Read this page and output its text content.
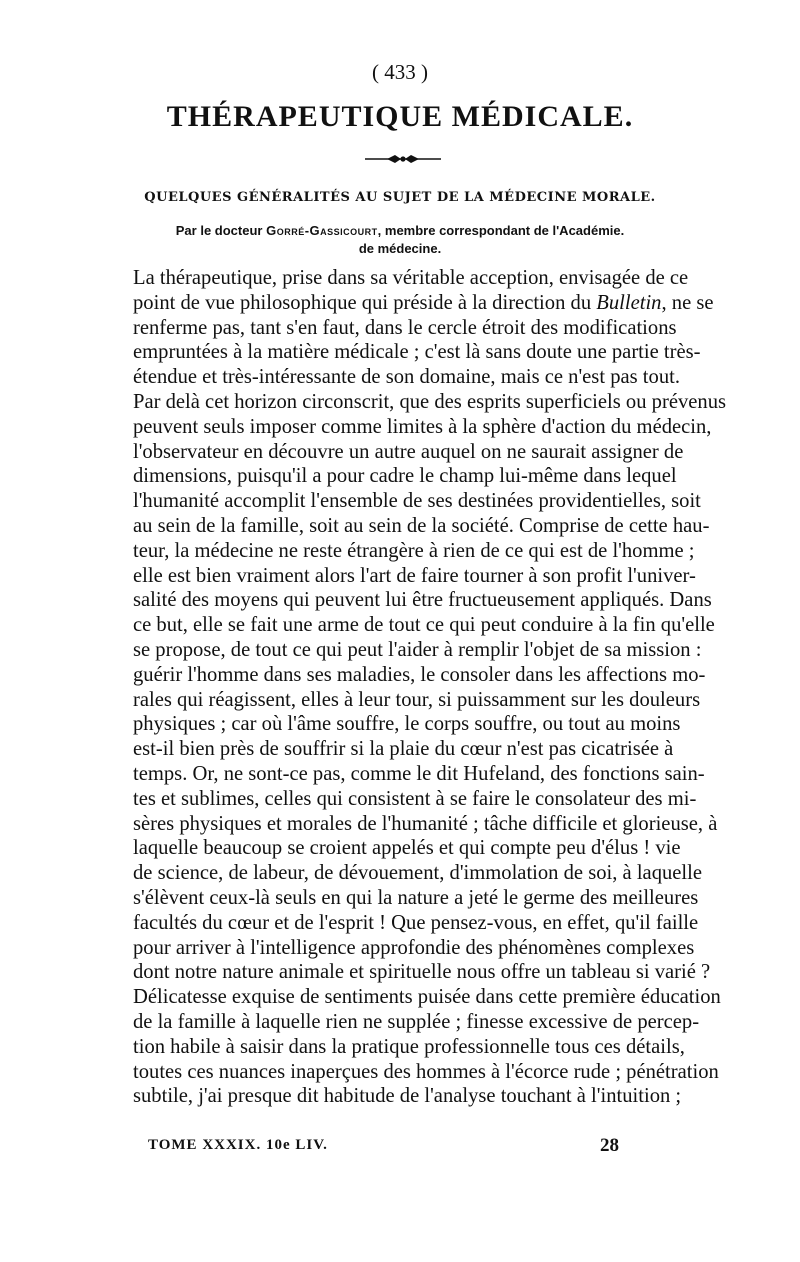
( 433 )
THÉRAPEUTIQUE MÉDICALE.
QUELQUES GÉNÉRALITÉS AU SUJET DE LA MÉDECINE MORALE.
Par le docteur Gorré-Gassicourt, membre correspondant de l'Académie.
de médecine.
La thérapeutique, prise dans sa véritable acception, envisagée de ce
point de vue philosophique qui préside à la direction du Bulletin, ne se
renferme pas, tant s'en faut, dans le cercle étroit des modifications
empruntées à la matière médicale ; c'est là sans doute une partie très-
étendue et très-intéressante de son domaine, mais ce n'est pas tout.
Par delà cet horizon circonscrit, que des esprits superficiels ou prévenus
peuvent seuls imposer comme limites à la sphère d'action du médecin,
l'observateur en découvre un autre auquel on ne saurait assigner de
dimensions, puisqu'il a pour cadre le champ lui-même dans lequel
l'humanité accomplit l'ensemble de ses destinées providentielles, soit
au sein de la famille, soit au sein de la société. Comprise de cette hau-
teur, la médecine ne reste étrangère à rien de ce qui est de l'homme ;
elle est bien vraiment alors l'art de faire tourner à son profit l'univer-
salité des moyens qui peuvent lui être fructueusement appliqués. Dans
ce but, elle se fait une arme de tout ce qui peut conduire à la fin qu'elle
se propose, de tout ce qui peut l'aider à remplir l'objet de sa mission :
guérir l'homme dans ses maladies, le consoler dans les affections mo-
rales qui réagissent, elles à leur tour, si puissamment sur les douleurs
physiques ; car où l'âme souffre, le corps souffre, ou tout au moins
est-il bien près de souffrir si la plaie du cœur n'est pas cicatrisée à
temps. Or, ne sont-ce pas, comme le dit Hufeland, des fonctions sain-
tes et sublimes, celles qui consistent à se faire le consolateur des mi-
sères physiques et morales de l'humanité ; tâche difficile et glorieuse, à
laquelle beaucoup se croient appelés et qui compte peu d'élus ! vie
de science, de labeur, de dévouement, d'immolation de soi, à laquelle
s'élèvent ceux-là seuls en qui la nature a jeté le germe des meilleures
facultés du cœur et de l'esprit ! Que pensez-vous, en effet, qu'il faille
pour arriver à l'intelligence approfondie des phénomènes complexes
dont notre nature animale et spirituelle nous offre un tableau si varié ?
Délicatesse exquise de sentiments puisée dans cette première éducation
de la famille à laquelle rien ne supplée ; finesse excessive de percep-
tion habile à saisir dans la pratique professionnelle tous ces détails,
toutes ces nuances inaperçues des hommes à l'écorce rude ; pénétration
subtile, j'ai presque dit habitude de l'analyse touchant à l'intuition ;
TOME XXXIX. 10e LIV.	28
